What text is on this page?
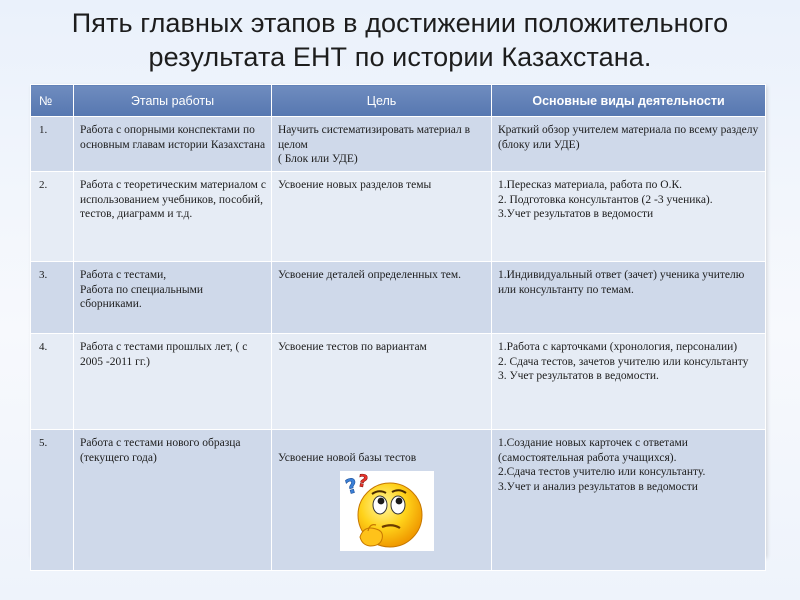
Пять главных этапов в достижении положительного
результата ЕНТ по истории Казахстана.
№	Этапы работы	Цель	Основные виды деятельности
1.	Работа с опорными конспектами по основным главам истории Казахстана	Научить систематизировать материал в целом
( Блок или УДЕ)	Краткий обзор учителем материала по всему разделу (блоку или УДЕ)
2.	Работа с теоретическим материалом с использованием учебников, пособий, тестов, диаграмм и т.д.	Усвоение новых разделов темы	1.Пересказ материала, работа по О.К.
2. Подготовка консультантов (2 -3 ученика).
3.Учет результатов в ведомости
3.	Работа с тестами,
Работа по специальными сборниками.	Усвоение деталей определенных тем.	1.Индивидуальный ответ (зачет) ученика учителю или консультанту по темам.
4.	Работа с тестами прошлых лет, ( с 2005 -2011 гг.)	Усвоение тестов по вариантам	1.Работа с карточками (хронология, персоналии)
2. Сдача тестов, зачетов учителю или консультанту
3. Учет результатов в ведомости.
5.	Работа с тестами нового образца (текущего года)	Усвоение новой базы тестов

?
?	1.Создание новых карточек с ответами (самостоятельная работа учащихся).
2.Сдача тестов учителю или консультанту.
3.Учет и анализ результатов в ведомости
